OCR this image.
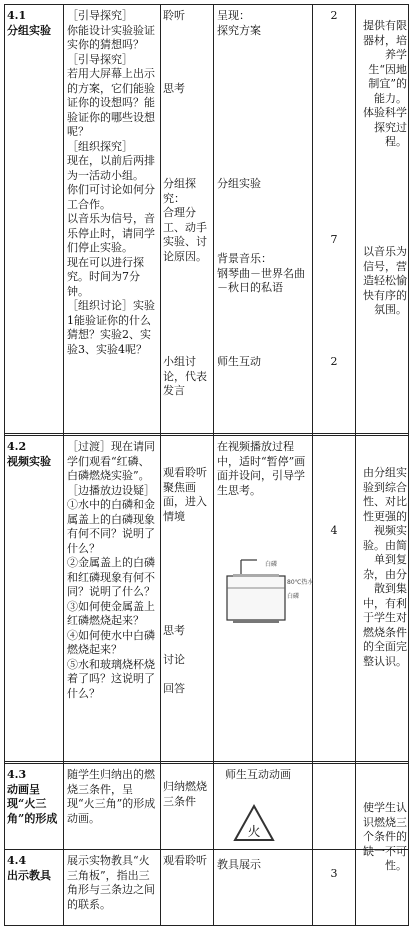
4.1
分组实验
［引导探究］
你能设计实验验证实你的猜想吗？
［引导探究］
若用大屏幕上出示的方案，它们能验证你的设想吗？能验证你的哪些设想呢？
［组织探究］
现在，以前后两排为一活动小组。
你们可讨论如何分工合作。
以音乐为信号，音乐停止时，请同学们停止实验。
现在可以进行探究。时间为7分钟。
［组织讨论］实验1能验证你的什么猜想？实验2、实验3、实验4呢？
聆听

思考
分组探究：
合理分工、动手实验、讨论原因。
小组讨论，代表发言
呈现：
探究方案
分组实验
背景音乐：
钢琴曲－世界名曲－秋日的私语
师生互动
2
7
2
提供有限器材，培养学生“因地制宜”的能力。
体验科学探究过程。
以音乐为信号，营造轻松愉快有序的氛围。
4.2
视频实验
［过渡］现在请同学们观看“红磷、白磷燃烧实验”。
［边播放边设疑］
①水中的白磷和金属盖上的白磷现象有何不同？说明了什么？
②金属盖上的白磷和红磷现象有何不同？说明了什么？
③如何使金属盖上红磷燃烧起来？
④如何使水中白磷燃烧起来？
⑤水和玻璃烧杯烧着了吗？这说明了什么？
观看聆听聚焦画面，进入情境
思考

讨论

回答
在视频播放过程中，适时“暂停”画面并设问，引导学生思考。
白磷
80℃热水
白磷
4
由分组实验到综合性、对比性更强的视频实验。由简单到复杂，由分散到集中，有利于学生对燃烧条件的全面完整认识。
4.3
动画呈现“火三角”的形成
随学生归纳出的燃烧三条件，呈现“火三角”的形成动画。
归纳燃烧三条件
师生互动动画
火
4.4
出示教具
展示实物教具“火三角板”，指出三角形与三条边之间的联系。
观看聆听 教具展示
3
使学生认识燃烧三个条件的缺一不可性。
